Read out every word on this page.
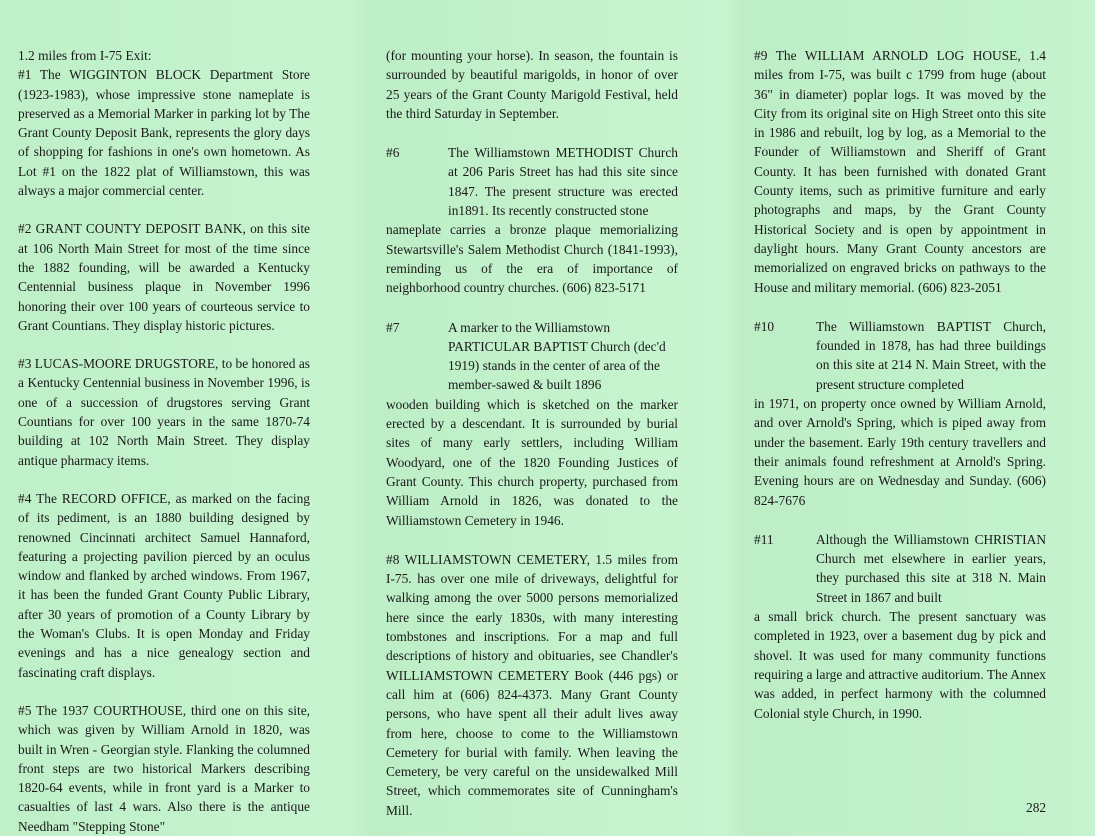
1.2 miles from I-75 Exit:

#1 The WIGGINTON BLOCK Department Store (1923-1983), whose impressive stone nameplate is preserved as a Memorial Marker in parking lot by The Grant County Deposit Bank, represents the glory days of shopping for fashions in one's own hometown. As Lot #1 on the 1822 plat of Williamstown, this was always a major commercial center.

#2 GRANT COUNTY DEPOSIT BANK, on this site at 106 North Main Street for most of the time since the 1882 founding, will be awarded a Kentucky Centennial business plaque in November 1996 honoring their over 100 years of courteous service to Grant Countians. They display historic pictures.

#3 LUCAS-MOORE DRUGSTORE, to be honored as a Kentucky Centennial business in November 1996, is one of a succession of drugstores serving Grant Countians for over 100 years in the same 1870-74 building at 102 North Main Street. They display antique pharmacy items.

#4 The RECORD OFFICE, as marked on the facing of its pediment, is an 1880 building designed by renowned Cincinnati architect Samuel Hannaford, featuring a projecting pavilion pierced by an oculus window and flanked by arched windows. From 1967, it has been the funded Grant County Public Library, after 30 years of promotion of a County Library by the Woman's Clubs. It is open Monday and Friday evenings and has a nice genealogy section and fascinating craft displays.

#5 The 1937 COURTHOUSE, third one on this site, which was given by William Arnold in 1820, was built in Wren - Georgian style. Flanking the columned front steps are two historical Markers describing 1820-64 events, while in front yard is a Marker to casualties of last 4 wars. Also there is the antique Needham "Stepping Stone"

(for mounting your horse). In season, the fountain is surrounded by beautiful marigolds, in honor of over 25 years of the Grant County Marigold Festival, held the third Saturday in September.

#6	The Williamstown METHODIST Church at 206 Paris Street has had this site since 1847. The present structure was erected in1891. Its recently constructed stone

nameplate carries a bronze plaque memorializing Stewartsville's Salem Methodist Church (1841-1993), reminding us of the era of importance of neighborhood country churches. (606) 823-5171

#7	A marker to the Williamstown PARTICULAR BAPTIST Church (dec'd 1919) stands in the center of area of the member-sawed & built 1896

wooden building which is sketched on the marker erected by a descendant. It is surrounded by burial sites of many early settlers, including William Woodyard, one of the 1820 Founding Justices of Grant County. This church property, purchased from William Arnold in 1826, was donated to the Williamstown Cemetery in 1946.

#8 WILLIAMSTOWN CEMETERY, 1.5 miles from I-75. has over one mile of driveways, delightful for walking among the over 5000 persons memorialized here since the early 1830s, with many interesting tombstones and inscriptions. For a map and full descriptions of history and obituaries, see Chandler's WILLIAMSTOWN CEMETERY Book (446 pgs) or call him at (606) 824-4373. Many Grant County persons, who have spent all their adult lives away from here, choose to come to the Williamstown Cemetery for burial with family. When leaving the Cemetery, be very careful on the unsidewalked Mill Street, which commemorates site of Cunningham's Mill.

#9 The WILLIAM ARNOLD LOG HOUSE, 1.4 miles from I-75, was built c 1799 from huge (about 36" in diameter) poplar logs. It was moved by the City from its original site on High Street onto this site in 1986 and rebuilt, log by log, as a Memorial to the Founder of Williamstown and Sheriff of Grant County. It has been furnished with donated Grant County items, such as primitive furniture and early photographs and maps, by the Grant County Historical Society and is open by appointment in daylight hours. Many Grant County ancestors are memorialized on engraved bricks on pathways to the House and military memorial. (606) 823-2051

#10	The Williamstown BAPTIST Church, founded in 1878, has had three buildings on this site at 214 N. Main Street, with the present structure completed

in 1971, on property once owned by William Arnold, and over Arnold's Spring, which is piped away from under the basement. Early 19th century travellers and their animals found refreshment at Arnold's Spring. Evening hours are on Wednesday and Sunday. (606) 824-7676

#11	Although the Williamstown CHRISTIAN Church met elsewhere in earlier years, they purchased this site at 318 N. Main Street in 1867 and built

a small brick church. The present sanctuary was completed in 1923, over a basement dug by pick and shovel. It was used for many community functions requiring a large and attractive auditorium. The Annex was added, in perfect harmony with the columned Colonial style Church, in 1990.

282
